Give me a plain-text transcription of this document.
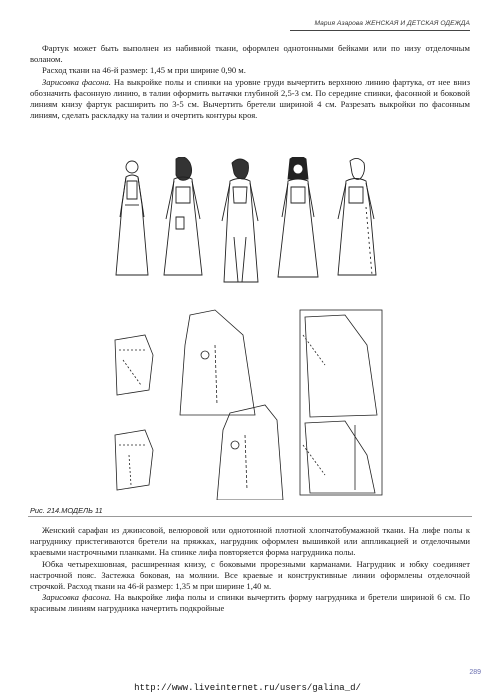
Мария Азарова ЖЕНСКАЯ И ДЕТСКАЯ ОДЕЖДА

Фартук может быть выполнен из набивной ткани, оформлен однотонными бейками или по низу отделочным воланом.

Расход ткани на 46-й размер: 1,45 м при ширине 0,90 м.

Зарисовка фасона. На выкройке полы и спинки на уровне груди вычертить верхнюю линию фартука, от нее вниз обозначить фасонную линию, в талии оформить вытачки глубиной 2,5-3 см. По середине спинки, фасонной и боковой линиям книзу фартук расширить по 3-5 см. Вычертить бретели шириной 4 см. Разрезать выкройки по фасонным линиям, сделать раскладку на талии и очертить контуры кроя.

Рис. 214.МОДЕЛЬ 11

Женский сарафан из джинсовой, велюровой или однотонной плотной хлопчатобумажной ткани. На лифе полы к нагруднику пристегиваются бретели на пряжках, нагрудник оформлен вышивкой или аппликацией и отделочными краевыми настрочными планками. На спинке лифа повторяется форма нагрудника полы.

Юбка четырехшовная, расширенная книзу, с боковыми прорезными карманами. Нагрудник и юбку соединяет настрочной пояс. Застежка боковая, на молнии. Все краевые и конструктивные линии оформлены отделочной строчкой. Расход ткани на 46-й размер: 1,35 м при ширине 1,40 м.

Зарисовка фасона. На выкройке лифа полы и спинки вычертить форму нагрудника и бретели шириной 6 см. По красивым линиям нагрудника начертить подкройные

289
http://www.liveinternet.ru/users/galina_d/
